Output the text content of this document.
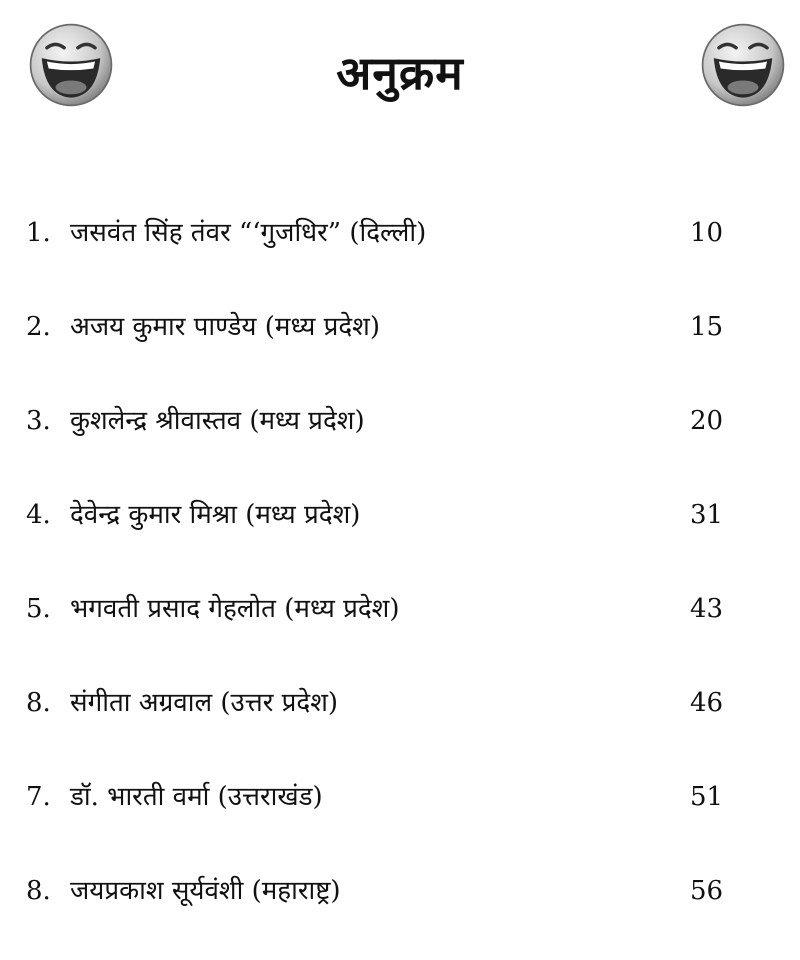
अनुक्रम
1. जसवंत सिंह तंवर “‘गुजधिर” (दिल्ली)	10
2. अजय कुमार पाण्डेय (मध्य प्रदेश)	15
3. कुशलेन्द्र श्रीवास्तव (मध्य प्रदेश)	20
4. देवेन्द्र कुमार मिश्रा (मध्य प्रदेश)	31
5. भगवती प्रसाद गेहलोत (मध्य प्रदेश)	43
8. संगीता अग्रवाल (उत्तर प्रदेश)	46
7. डॉ. भारती वर्मा (उत्तराखंड)	51
8. जयप्रकाश सूर्यवंशी (महाराष्ट्र)	56
